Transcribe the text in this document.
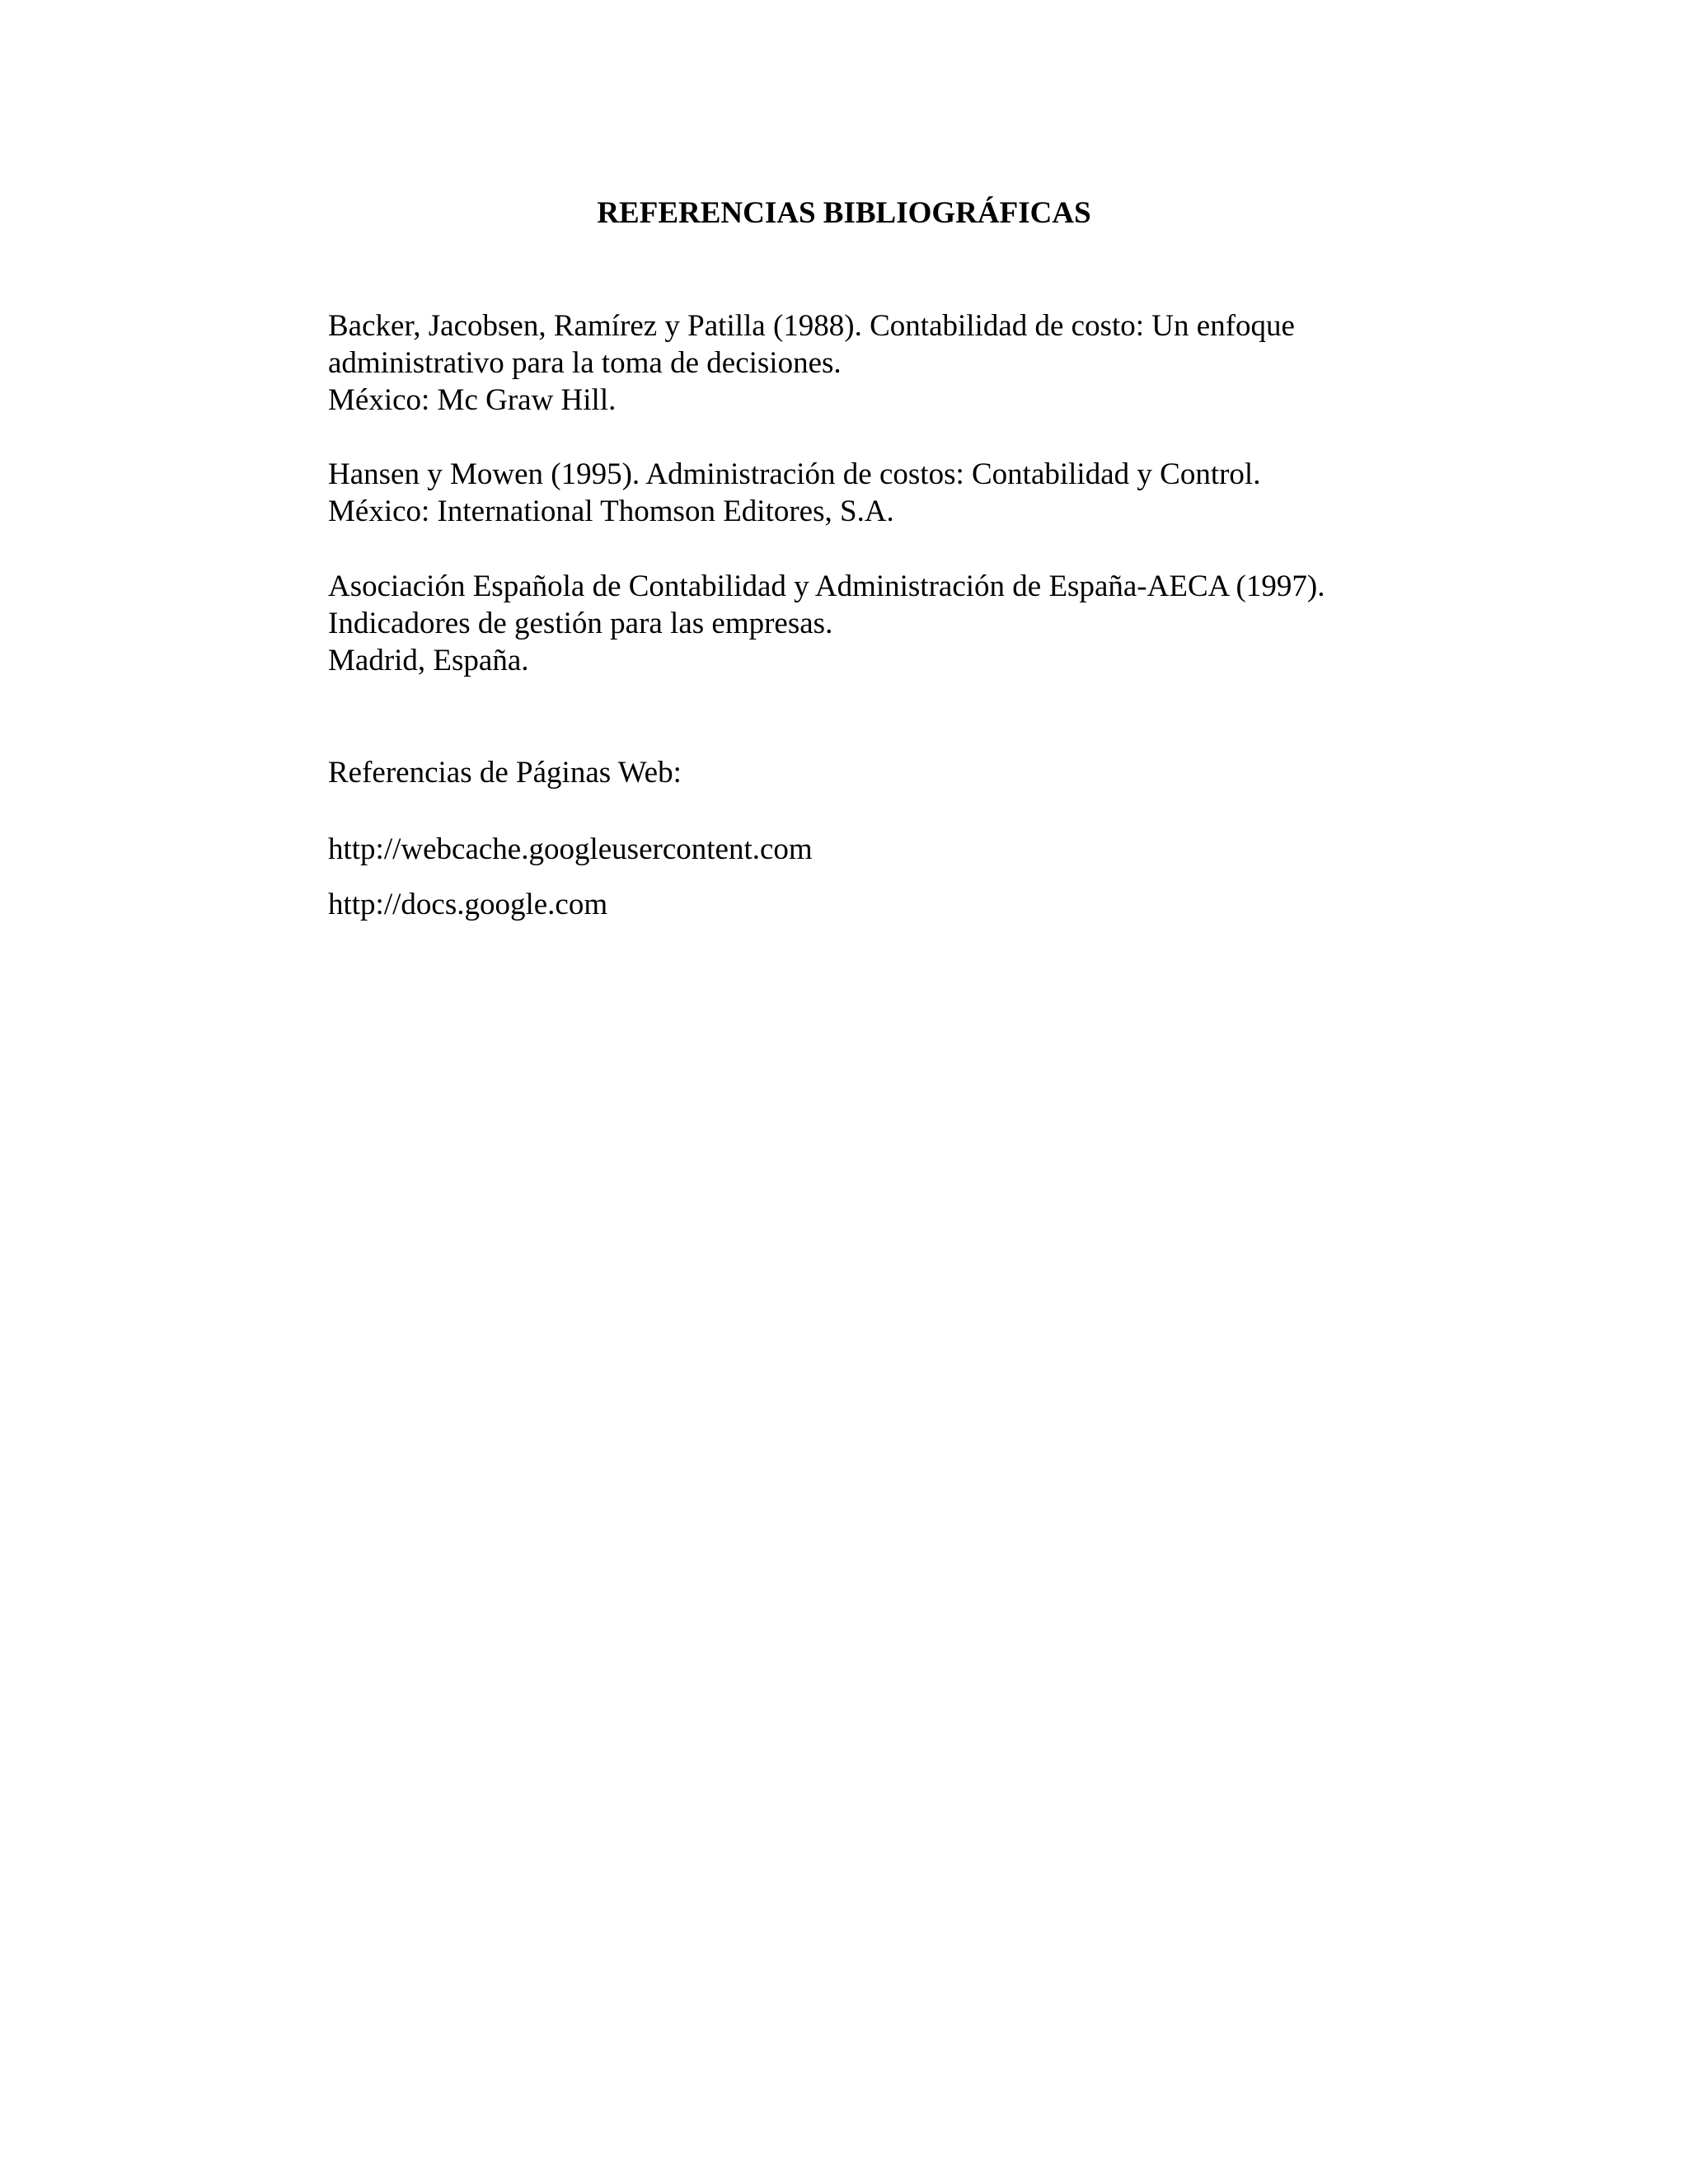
REFERENCIAS BIBLIOGRÁFICAS
Backer, Jacobsen, Ramírez y Patilla (1988). Contabilidad de costo: Un enfoque
administrativo para la toma de decisiones.
México: Mc Graw Hill.
Hansen y Mowen (1995). Administración de costos: Contabilidad y Control.
México: International Thomson Editores, S.A.
Asociación Española de Contabilidad y Administración de España-AECA (1997).
Indicadores de gestión para las empresas.
Madrid, España.
Referencias de Páginas Web:
http://webcache.googleusercontent.com
http://docs.google.com
